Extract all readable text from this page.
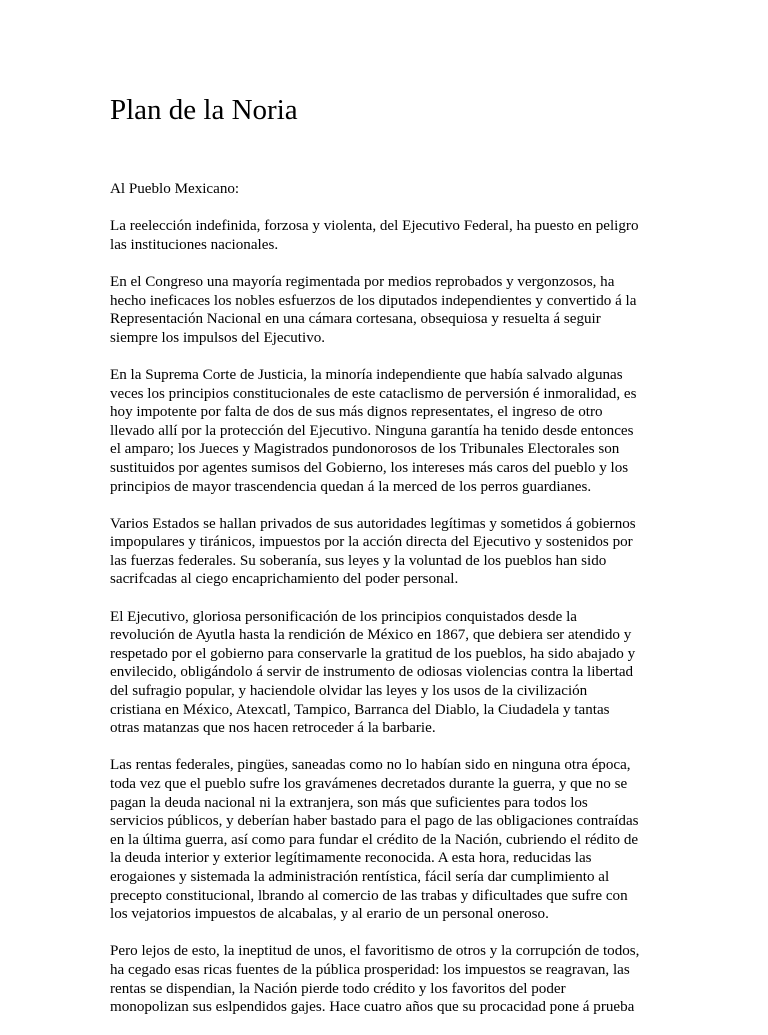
Plan de la Noria

Al Pueblo Mexicano:

La reelección indefinida, forzosa y violenta, del Ejecutivo Federal, ha puesto en peligro
las instituciones nacionales.

En el Congreso una mayoría regimentada por medios reprobados y vergonzosos, ha
hecho ineficaces los nobles esfuerzos de los diputados independientes y convertido á la
Representación Nacional en una cámara cortesana, obsequiosa y resuelta á seguir
siempre los impulsos del Ejecutivo.

En la Suprema Corte de Justicia, la minoría independiente que había salvado algunas
veces los principios constitucionales de este cataclismo de perversión é inmoralidad, es
hoy impotente por falta de dos de sus más dignos representates, el ingreso de otro
llevado allí por la protección del Ejecutivo. Ninguna garantía ha tenido desde entonces
el amparo; los Jueces y Magistrados pundonorosos de los Tribunales Electorales son
sustituidos por agentes sumisos del Gobierno, los intereses más caros del pueblo y los
principios de mayor trascendencia quedan á la merced de los perros guardianes.

Varios Estados se hallan privados de sus autoridades legítimas y sometidos á gobiernos
impopulares y tiránicos, impuestos por la acción directa del Ejecutivo y sostenidos por
las fuerzas federales. Su soberanía, sus leyes y la voluntad de los pueblos han sido
sacrifcadas al ciego encaprichamiento del poder personal.

El Ejecutivo, gloriosa personificación de los principios conquistados desde la
revolución de Ayutla hasta la rendición de México en 1867, que debiera ser atendido y
respetado por el gobierno para conservarle la gratitud de los pueblos, ha sido abajado y
envilecido, obligándolo á servir de instrumento de odiosas violencias contra la libertad
del sufragio popular, y haciendole olvidar las leyes y los usos de la civilización
cristiana en México, Atexcatl, Tampico, Barranca del Diablo, la Ciudadela y tantas
otras matanzas que nos hacen retroceder á la barbarie.

Las rentas federales, pingües, saneadas como no lo habían sido en ninguna otra época,
toda vez que el pueblo sufre los gravámenes decretados durante la guerra, y que no se
pagan la deuda nacional ni la extranjera, son más que suficientes para todos los
servicios públicos, y deberían haber bastado para el pago de las obligaciones contraídas
en la última guerra, así como para fundar el crédito de la Nación, cubriendo el rédito de
la deuda interior y exterior legítimamente reconocida. A esta hora, reducidas las
erogaiones y sistemada la administración rentística, fácil sería dar cumplimiento al
precepto constitucional, lbrando al comercio de las trabas y dificultades que sufre con
los vejatorios impuestos de alcabalas, y al erario de un personal oneroso.

Pero lejos de esto, la ineptitud de unos, el favoritismo de otros y la corrupción de todos,
ha cegado esas ricas fuentes de la pública prosperidad: los impuestos se reagravan, las
rentas se dispendian, la Nación pierde todo crédito y los favoritos del poder
monopolizan sus eslpendidos gajes. Hace cuatro años que su procacidad pone á prueba
